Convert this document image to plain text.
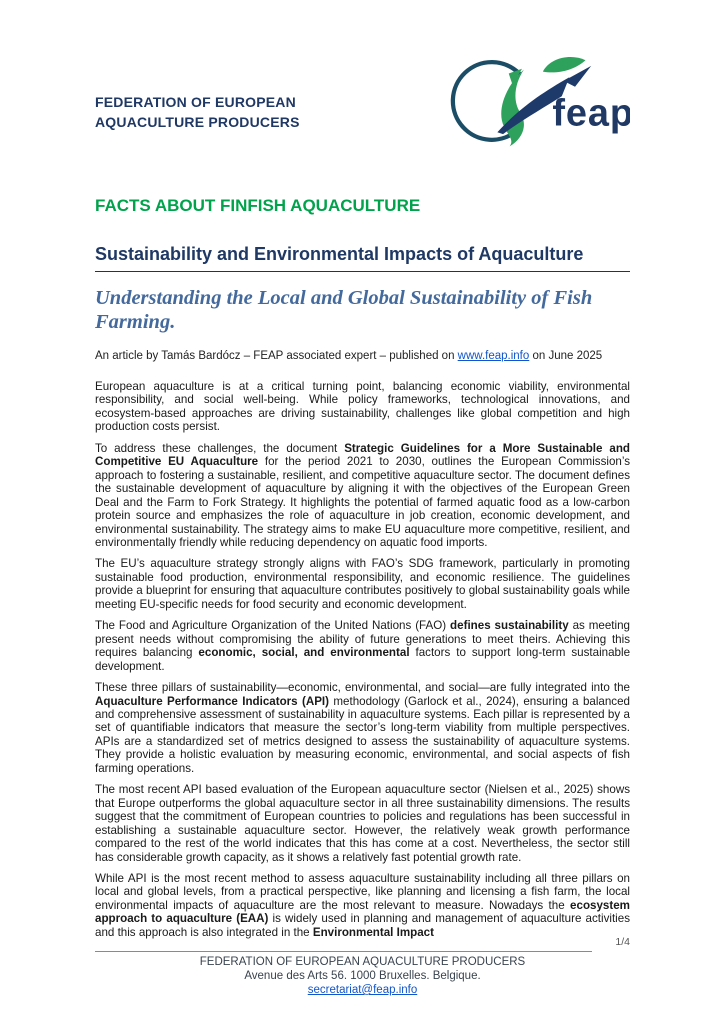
FEDERATION OF EUROPEAN
AQUACULTURE PRODUCERS	feap
FACTS ABOUT FINFISH AQUACULTURE
Sustainability and Environmental Impacts of Aquaculture
Understanding the Local and Global Sustainability of Fish Farming.
An article by Tamás Bardócz – FEAP associated expert – published on www.feap.info on June 2025

European aquaculture is at a critical turning point, balancing economic viability, environmental responsibility, and social well-being. While policy frameworks, technological innovations, and ecosystem-based approaches are driving sustainability, challenges like global competition and high production costs persist.

To address these challenges, the document Strategic Guidelines for a More Sustainable and Competitive EU Aquaculture for the period 2021 to 2030, outlines the European Commission’s approach to fostering a sustainable, resilient, and competitive aquaculture sector. The document defines the sustainable development of aquaculture by aligning it with the objectives of the European Green Deal and the Farm to Fork Strategy. It highlights the potential of farmed aquatic food as a low-carbon protein source and emphasizes the role of aquaculture in job creation, economic development, and environmental sustainability. The strategy aims to make EU aquaculture more competitive, resilient, and environmentally friendly while reducing dependency on aquatic food imports.

The EU’s aquaculture strategy strongly aligns with FAO’s SDG framework, particularly in promoting sustainable food production, environmental responsibility, and economic resilience. The guidelines provide a blueprint for ensuring that aquaculture contributes positively to global sustainability goals while meeting EU-specific needs for food security and economic development.

The Food and Agriculture Organization of the United Nations (FAO) defines sustainability as meeting present needs without compromising the ability of future generations to meet theirs. Achieving this requires balancing economic, social, and environmental factors to support long-term sustainable development.

These three pillars of sustainability—economic, environmental, and social—are fully integrated into the Aquaculture Performance Indicators (API) methodology (Garlock et al., 2024), ensuring a balanced and comprehensive assessment of sustainability in aquaculture systems. Each pillar is represented by a set of quantifiable indicators that measure the sector’s long-term viability from multiple perspectives. APIs are a standardized set of metrics designed to assess the sustainability of aquaculture systems. They provide a holistic evaluation by measuring economic, environmental, and social aspects of fish farming operations.

The most recent API based evaluation of the European aquaculture sector (Nielsen et al., 2025) shows that Europe outperforms the global aquaculture sector in all three sustainability dimensions. The results suggest that the commitment of European countries to policies and regulations has been successful in establishing a sustainable aquaculture sector. However, the relatively weak growth performance compared to the rest of the world indicates that this has come at a cost. Nevertheless, the sector still has considerable growth capacity, as it shows a relatively fast potential growth rate.

While API is the most recent method to assess aquaculture sustainability including all three pillars on local and global levels, from a practical perspective, like planning and licensing a fish farm, the local environmental impacts of aquaculture are the most relevant to measure. Nowadays the ecosystem approach to aquaculture (EAA) is widely used in planning and management of aquaculture activities and this approach is also integrated in the Environmental Impact

1/4
FEDERATION OF EUROPEAN AQUACULTURE PRODUCERS
Avenue des Arts 56. 1000 Bruxelles. Belgique.
secretariat@feap.info
